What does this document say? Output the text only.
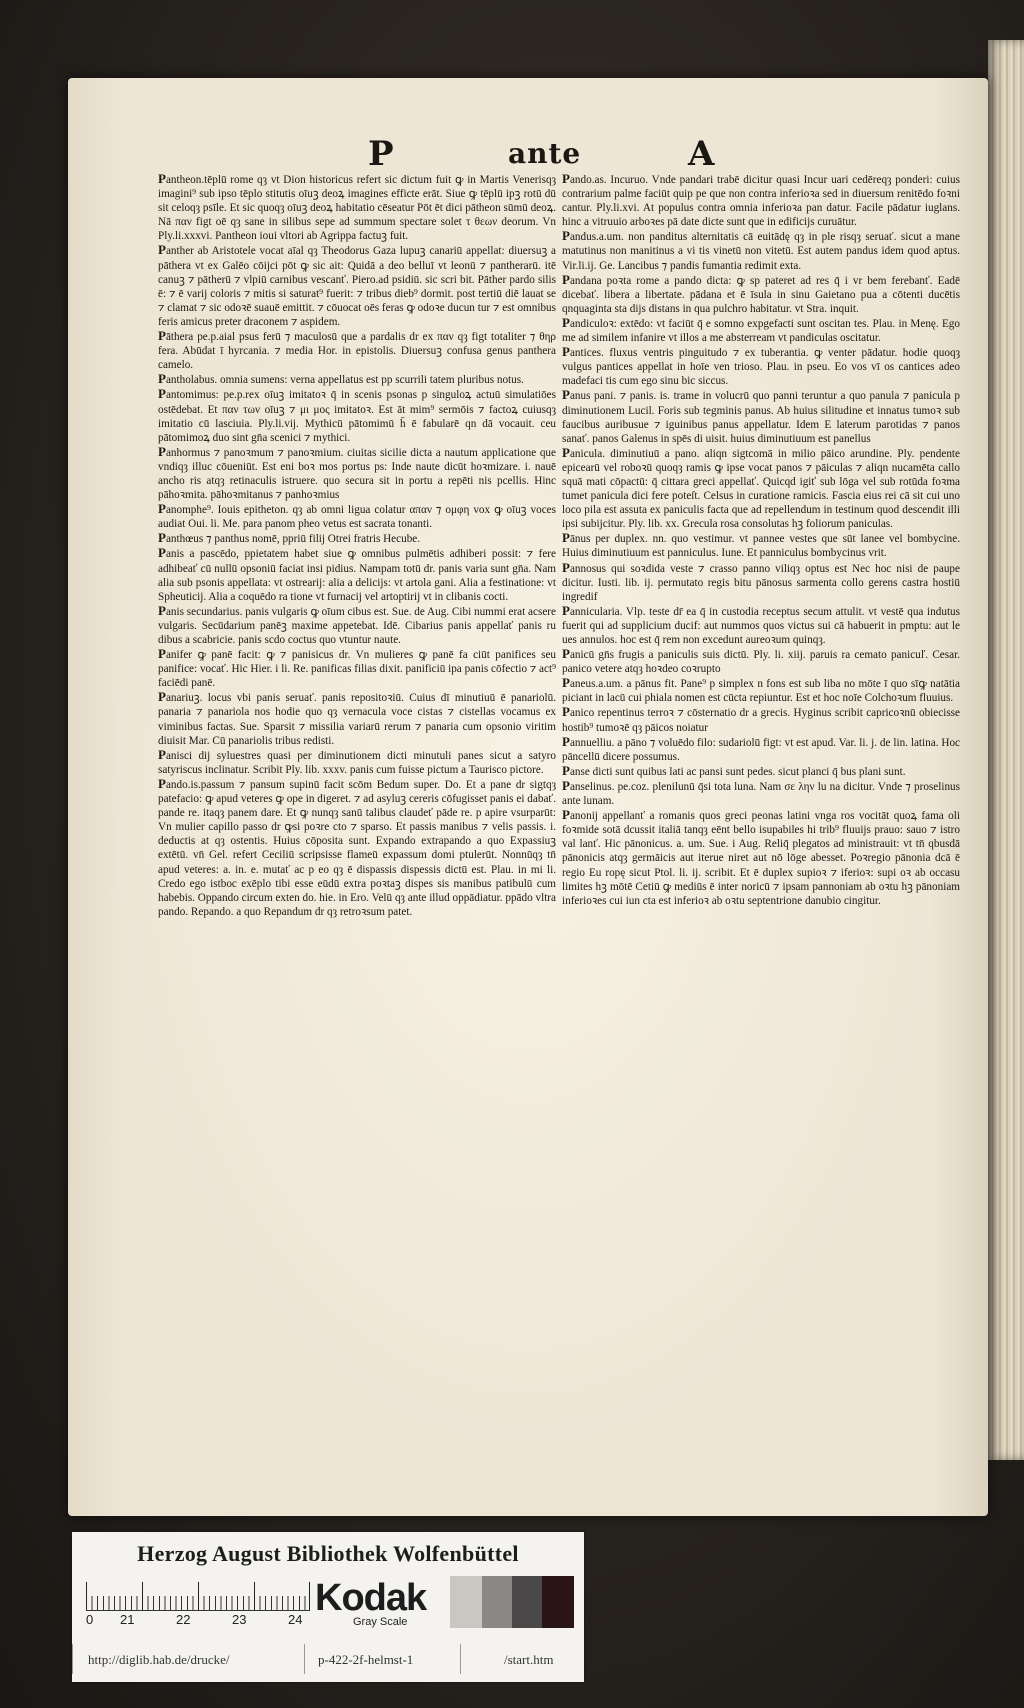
P	ante	A

Pantheon.tēplū rome qȝ vt Dion historicus refert sic dictum fuit ꝙ in Martis Venerisqȝ imagini⁹ sub ipso tēplo stitutis oīuꝫ deoꝝ imagines efficte erāt. Siue ꝙ tēplū ipꝫ rotū dū sit celoqȝ psīle. Et sic quoqȝ oīuꝫ deoꝝ habitatio cēseatur Pōt ēt dici pātheon sūmū deoꝝ. Nā παν figt oē qȝ sane in silibus sepe ad summum spectare solet τ θεων deorum. Vn Ply.li.xxxvi. Pantheon ioui vltori ab Agrippa factuꝫ fuit.

Panther ab Aristotele vocat aīal qȝ Theodorus Gaza lupuꝫ canariū appellat: diuersuꝫ a pāthera vt ex Galēo cōijci pōt ꝙ sic ait: Quidā a deo belluī vt leonū ⁊ pantherarū. itē canuꝫ ⁊ pātherū ⁊ vlpiū carnibus vescanť. Piero.ad psidiū. sic scri bit. Pāther pardo silis ē: ⁊ ē varij coloris ⁊ mitis si saturat⁹ fuerit: ⁊ tribus dieb⁹ dormit. post tertiū diē lauat se ⁊ clamat ⁊ sic odoꝛē suauē emittit. ⁊ cōuocat oēs feras ꝙ odoꝛe ducun tur ⁊ est omnibus feris amicus preter draconem ⁊ aspidem.

Pāthera pe.p.aial psus ferū ⁊ maculosū que a pardalis dr ex παν qȝ figt totaliter ⁊ θηρ fera. Abūdat ī hyrcania. ⁊ media Hor. in epistolis. Diuersuꝫ confusa genus panthera camelo.

Pantholabus. omnia sumens: verna appellatus est pp scurrili tatem pluribus notus.

Pantomimus: pe.p.rex oīuꝫ imitatoꝛ q̄ in scenis psonas p singuloꝝ actuū simulatiōes ostēdebat. Et παν των oīuꝫ ⁊ μι μος imitatoꝛ. Est āt mim⁹ sermōis ⁊ factoꝝ cuiusqȝ imitatio cū lasciuia. Ply.li.vij. Mythicū pātomimū h̄ ē fabularē qn dā vocauit. ceu pātomimoꝝ duo sint gn̄a scenici ⁊ mythici.

Panhormus ⁊ panoꝛmum ⁊ panoꝛmium. ciuitas sicilie dicta a nautum applicatione que vndiqȝ illuc cōueniūt. Est eni boꝛ mos portus ps: Inde naute dicūt hoꝛmizare. i. nauē ancho ris atqȝ retinaculis istruere. quo secura sit in portu a repēti nis pcellis. Hinc pāhoꝛmita. pāhoꝛmitanus ⁊ panhoꝛmius

Panomphe⁹. Iouis epitheton. qȝ ab omni ligua colatur απαν ⁊ ομφη vox ꝙ oīuꝫ voces audiat Oui. li. Me. para panom pheo vetus est sacrata tonanti.

Panthœus ⁊ panthus nomē, ppriū filij Otrei fratris Hecube.

Panis a pascēdo, ppietatem habet siue ꝙ omnibus pulmētis adhiberi possit: ⁊ fere adhibeať cū nullū opsoniū faciat insi pidius. Nampam totū dr. panis varia sunt gn̄a. Nam alia sub psonis appellata: vt ostrearij: alia a delicijs: vt artola gani. Alia a festinatione: vt Spheuticij. Alia a coquēdo ra tione vt furnacij vel artoptirij vt in clibanis cocti.

Panis secundarius. panis vulgaris ꝙ oīum cibus est. Sue. de Aug. Cibi nummi erat acsere vulgaris. Secūdarium panēꝫ maxime appetebat. Idē. Cibarius panis appellať panis ru dibus a scabricie. panis scdo coctus quo vtuntur naute.

Panifer ꝙ panē facit: ꝙ ⁊ panisicus dr. Vn mulieres ꝙ panē fa ciūt panifices seu panifice: vocať. Hic Hier. i li. Re. panificas filias dixit. panificiū ipa panis cōfectio ⁊ act⁹ faciēdi panē.

Panariuꝫ. locus vbi panis seruať. panis repositoꝛiū. Cuius dī minutiuū ē panariolū. panaria ⁊ panariola nos hodie quo qȝ vernacula voce cistas ⁊ cistellas vocamus ex viminibus factas. Sue. Sparsit ⁊ missilia variarū rerum ⁊ panaria cum opsonio viritim diuisit Mar. Cū panariolis tribus redisti.

Panisci dij syluestres quasi per diminutionem dicti minutuli panes sicut a satyro satyriscus inclinatur. Scribit Ply. lib. xxxv. panis cum fuisse pictum a Taurisco pictore.

Pando.is.passum ⁊ pansum supinū facit scōm Bedum super. Do. Et a pane dr sigtqȝ patefacio: ꝙ apud veteres ꝙ ope in digeret. ⁊ ad asyluꝫ cereris cōfugisset panis ei dabať. pande re. itaqȝ panem dare. Et ꝙ nunqȝ sanū talibus claudeť pāde re. p apire vsurparūt: Vn mulier capillo passo dr ꝙsi poꝛre cto ⁊ sparso. Et passis manibus ⁊ velis passis. i. deductis at qȝ ostentis. Huius cōposita sunt. Expando extrapando a quo Expassiuꝫ extētū. vn̄ Gel. refert Ceciliū scripsisse flameū expassum domi ptulerūt. Nonnūqȝ tn̄ apud veteres: a. in. e. mutať ac p eo qȝ ē dispassis dispessis dictū est. Plau. in mi li. Credo ego istboc exēplo tibi esse eūdū extra poꝛtaꝫ dispes sis manibus patibulū cum habebis. Oppando circum exten do. hie. in Ero. Velū qȝ ante illud oppādiatur. ppādo vltra pando. Repando. a quo Repandum dr qȝ retroꝛsum patet.

Pando.as. Incuruo. Vnde pandari trabē dicitur quasi Incur uari cedēreqȝ ponderi: cuius contrarium palme faciūt quip pe que non contra inferioꝛa sed in diuersum renitēdo foꝛni cantur. Ply.li.xvi. At populus contra omnia inferioꝛa pan datur. Facile pādatur iuglans. hinc a vitruuio arboꝛes pā date dicte sunt que in edificijs curuātur.

Pandus.a.um. non panditus alternitatis cā euitādę qȝ in ple risqȝ seruať. sicut a mane matutinus non manitinus a vi tis vinetū non vitetū. Est autem pandus idem quod aptus. Vir.li.ij. Ge. Lancibus ⁊ pandis fumantia redimit exta.

Pandana poꝛta rome a pando dicta: ꝙ sp pateret ad res q̄ i vr bem ferebanť. Eadē dicebať. libera a libertate. pādana et ē īsula in sinu Gaietano pua a cōtenti ducētis qnquaginta sta dijs distans in qua pulchro habitatur. vt Stra. inquit.

Pandiculoꝛ: extēdo: vt faciūt q̄ e somno expgefacti sunt oscitan tes. Plau. in Menę. Ego me ad similem infanire vt illos a me absterream vt pandiculas oscitatur.

Pantices. fluxus ventris pinguitudo ⁊ ex tuberantia. ꝙ venter pādatur. hodie quoqȝ vulgus pantices appellat in hoīe ven trioso. Plau. in pseu. Eo vos vī os cantices adeo madefaci tis cum ego sinu bic siccus.

Panus pani. ⁊ panis. is. trame in volucrū quo panni teruntur a quo panula ⁊ panicula p diminutionem Lucil. Foris sub tegminis panus. Ab huius silitudine et innatus tumoꝛ sub faucibus auribusue ⁊ iguinibus panus appellatur. Idem E laterum parotidas ⁊ panos sanať. panos Galenus in spēs di uisit. huius diminutiuum est panellus

Panicula. diminutiuū a pano. aliqn sigtcomā in milio pāico arundine. Ply. pendente epicearū vel roboꝛū quoqȝ ramis ꝙ ipse vocat panos ⁊ pāiculas ⁊ aliqn nucamēta callo squā mati cōpactū: q̄ cittara greci appellať. Quicqd igiť sub lōga vel sub rotūda foꝛma tumet panicula dici fere poteſt. Celsus in curatione ramicis. Fascia eius rei cā sit cui uno loco pila est assuta ex paniculis facta que ad repellendum in testinum quod descendit illi ipsi subijcitur. Ply. lib. xx. Grecula rosa consolutas hꝫ foliorum paniculas.

Pānus per duplex. nn. quo vestimur. vt pannee vestes que sūt lanee vel bombycine. Huius diminutiuum est panniculus. Iune. Et panniculus bombycinus vrit.

Pannosus qui soꝛdida veste ⁊ crasso panno viliqȝ optus est Nec hoc nisi de paupe dicitur. Iusti. lib. ij. permutato regis bitu pānosus sarmenta collo gerens castra hostiū ingredif

Pannicularia. Vlp. teste dr̄ ea q̄ in custodia receptus secum attulit. vt vestē qua indutus fuerit qui ad supplicium ducif: aut nummos quos victus sui cā habuerit in pmptu: aut le ues annulos. hoc est q̄ rem non excedunt aureoꝛum quinqȝ.

Panicū gn̄s frugis a paniculis suis dictū. Ply. li. xiij. paruis ra cemato panicuľ. Cesar. panico vetere atqȝ hoꝛdeo coꝛrupto

Paneus.a.um. a pānus fit. Pane⁹ p simplex n fons est sub liba no mōte ī quo sīꝙ natātia piciant in lacū cui phiala nomen est cūcta repiuntur. Est et hoc noīe Colchoꝛum fluuius.

Panico repentinus terroꝛ ⁊ cōsternatio dr a grecis. Hyginus scribit capricoꝛnū obiecisse hostib⁹ tumoꝛē qȝ pāicos noiatur

Pannuelliu. a pāno ⁊ voluēdo filo: sudariolū figt: vt est apud. Var. li. j. de lin. latina. Hoc pāncellū dicere possumus.

Panse dicti sunt quibus lati ac pansi sunt pedes. sicut planci q̄ bus plani sunt.

Panselinus. pe.coz. plenilunū q̄si tota luna. Nam σε λην lu na dicitur. Vnde ⁊ proselinus ante lunam.

Panonij appellanť a romanis quos greci peonas latini vnga ros vocitāt quoꝝ fama oli foꝛmide sotā dcussit italiā tanqȝ eēnt bello isupabiles hi trib⁹ fluuijs prauo: sauo ⁊ istro val lanť. Hic pānonicus. a. um. Sue. i Aug. Reliq̄ plegatos ad ministrauit: vt tn̄ qbusdā pānonicis atqȝ germāicis aut iterue niret aut nō lōge abesset. Poꝛregio pānonia dcā ē regio Eu ropę sicut Ptol. li. ij. scribit. Et ē duplex supioꝛ ⁊ iferioꝛ: supi oꝛ ab occasu limites hꝫ mōtē Cetiū ꝙ mediūs ē inter noricū ⁊ ipsam pannoniam ab oꝛtu hꝫ pānoniam inferioꝛes cui iun cta est inferioꝛ ab oꝛtu septentrione danubio cingitur.

Herzog August Bibliothek Wolfenbüttel
0 21	22	23	24
Kodak
Gray Scale
http://diglib.hab.de/drucke/	p-422-2f-helmst-1	/start.htm
